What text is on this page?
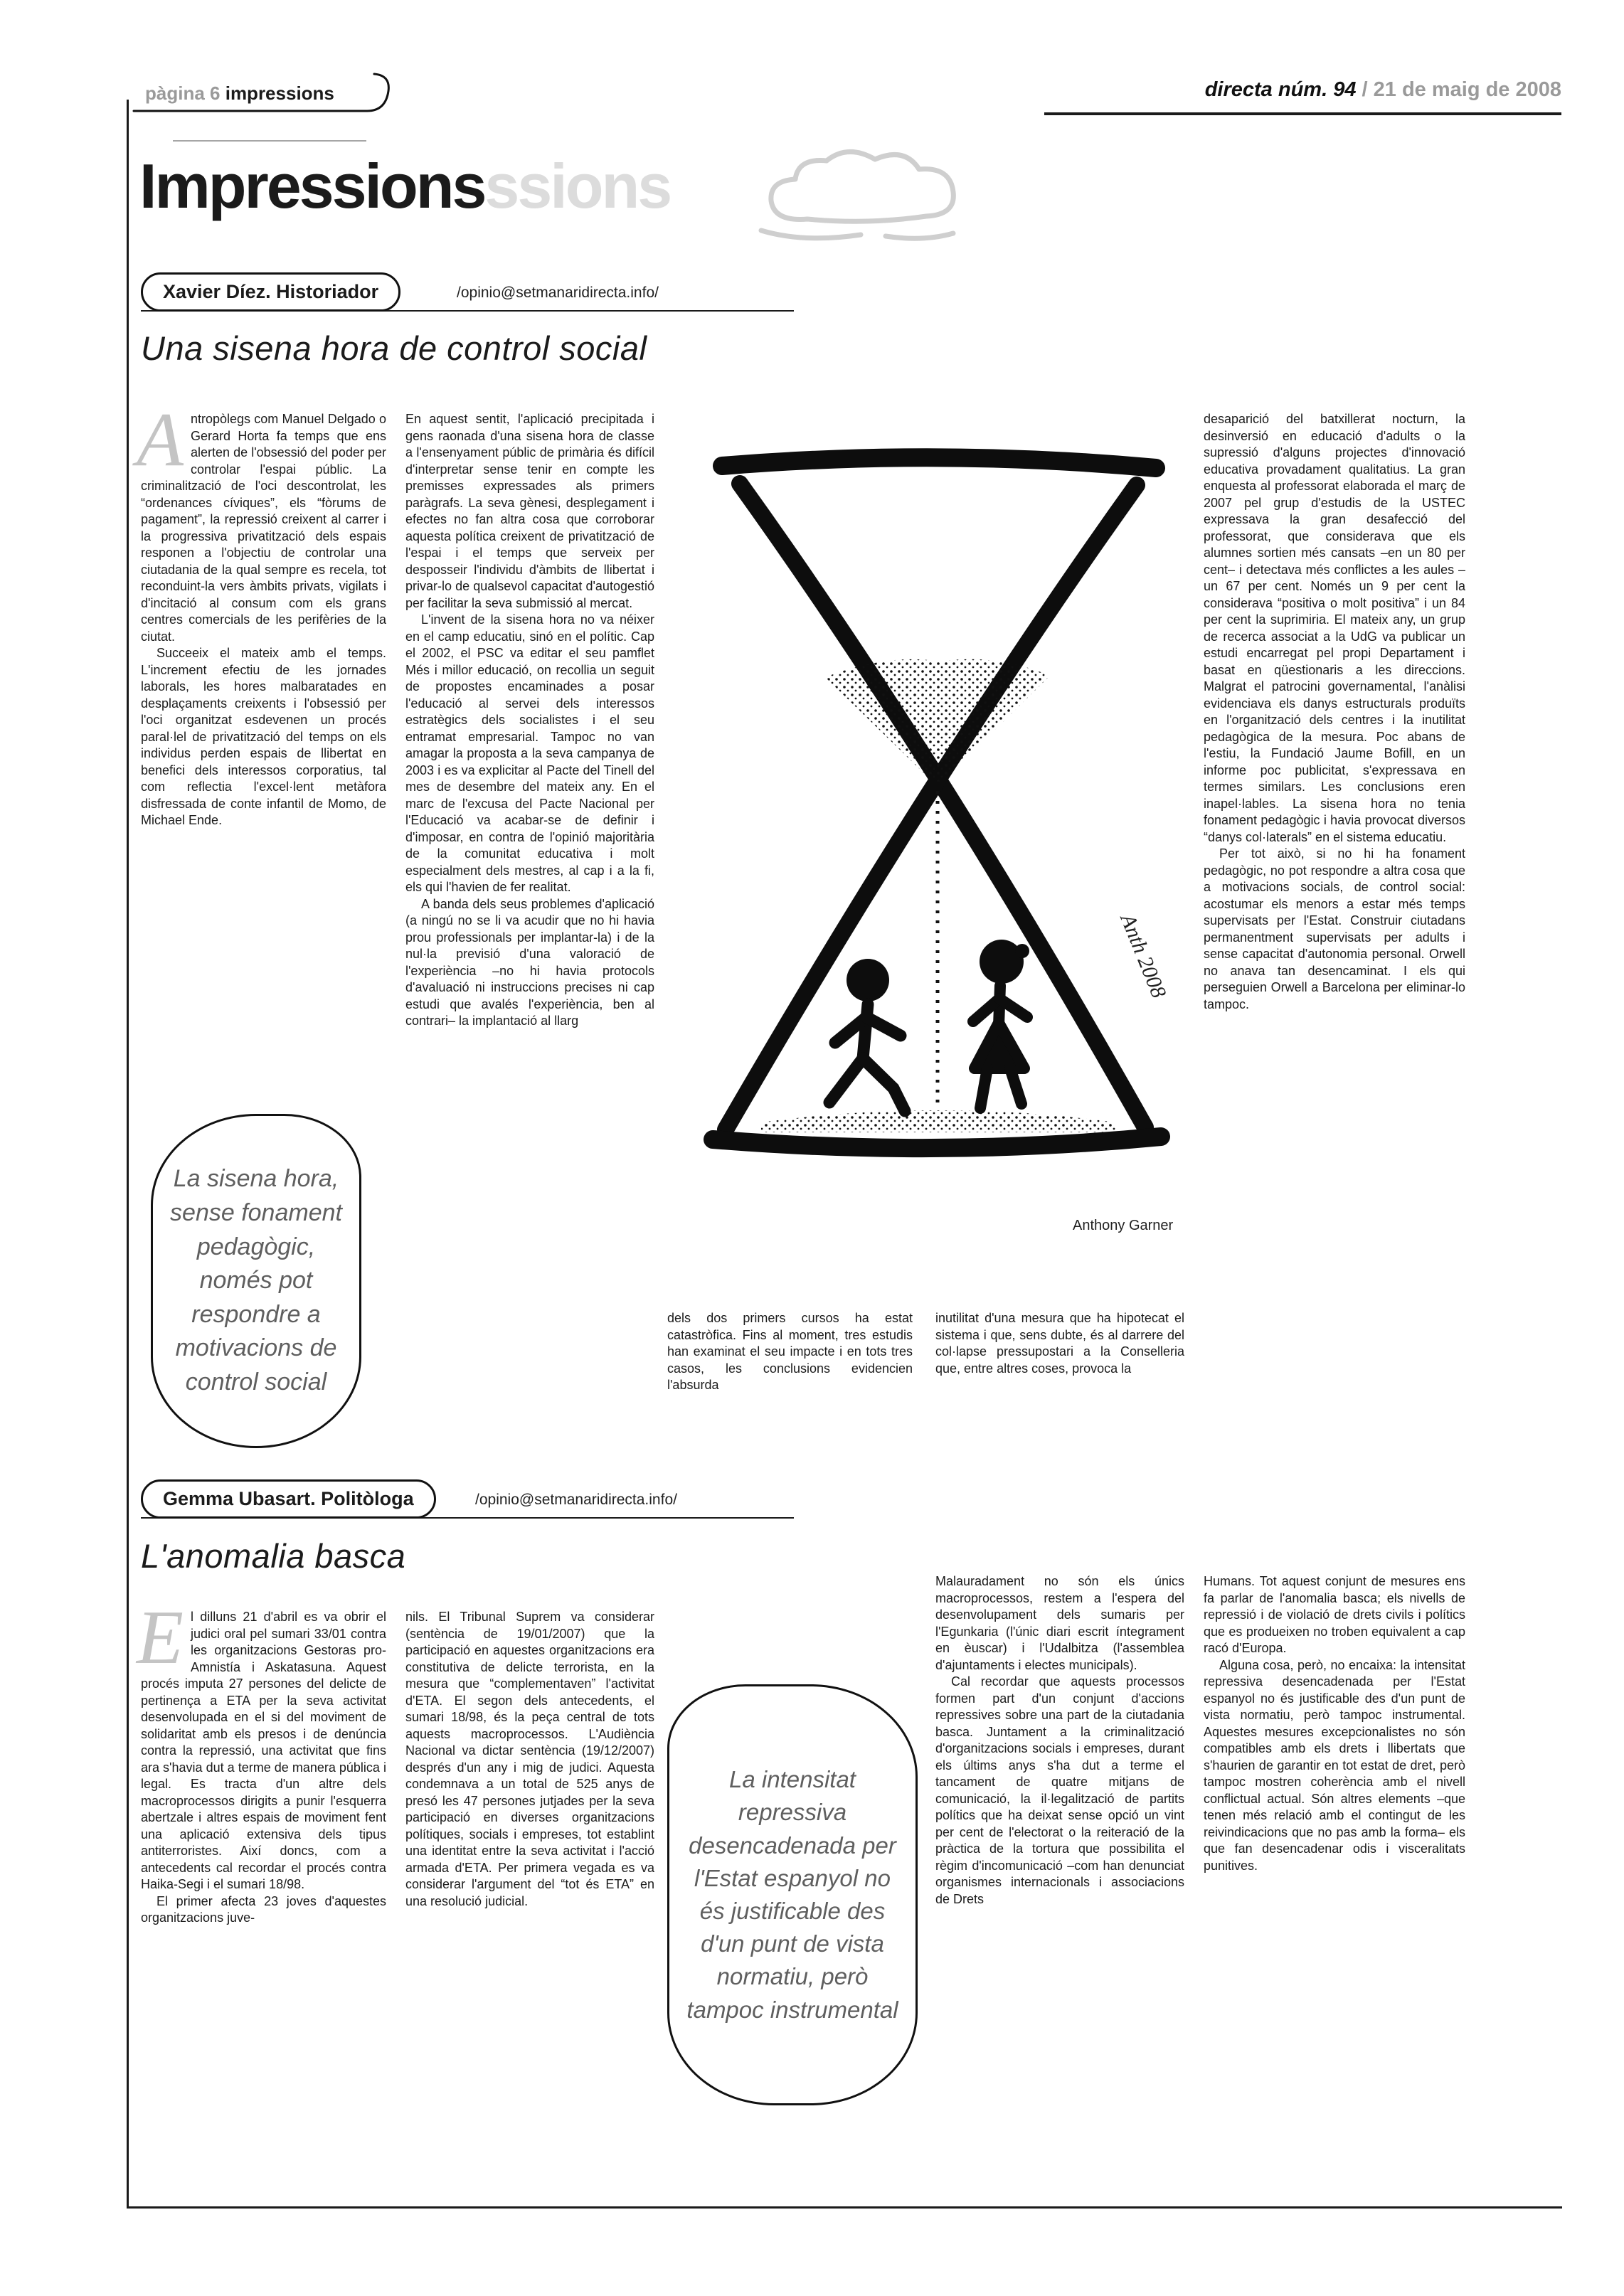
pàgina 6 impressions	directa núm. 94 / 21 de maig de 2008
Impressionsssions
Xavier Díez. Historiador	/opinio@setmanaridirecta.info/
Una sisena hora de control social

Antropòlegs com Manuel Delgado o Gerard Horta fa temps que ens alerten de l'obsessió del poder per controlar l'espai públic. La criminalització de l'oci descontrolat, les “ordenances cíviques”, els “fòrums de pagament”, la repressió creixent al carrer i la progressiva privatització dels espais responen a l'objectiu de controlar una ciutadania de la qual sempre es recela, tot reconduint-la vers àmbits privats, vigilats i d'incitació al consum com els grans centres comercials de les perifèries de la ciutat.

Succeeix el mateix amb el temps. L'increment efectiu de les jornades laborals, les hores malbaratades en desplaçaments creixents i l'obsessió per l'oci organitzat esdevenen un procés paral·lel de privatització del temps on els individus perden espais de llibertat en benefici dels interessos corporatius, tal com reflectia l'excel·lent metàfora disfressada de conte infantil de Momo, de Michael Ende.

En aquest sentit, l'aplicació precipitada i gens raonada d'una sisena hora de classe a l'ensenyament públic de primària és difícil d'interpretar sense tenir en compte les premisses expressades als primers paràgrafs. La seva gènesi, desplegament i efectes no fan altra cosa que corroborar aquesta política creixent de privatització de l'espai i el temps que serveix per desposseir l'individu d'àmbits de llibertat i privar-lo de qualsevol capacitat d'autogestió per facilitar la seva submissió al mercat.

L'invent de la sisena hora no va néixer en el camp educatiu, sinó en el polític. Cap el 2002, el PSC va editar el seu pamflet Més i millor educació, on recollia un seguit de propostes encaminades a posar l'educació al servei dels interessos estratègics dels socialistes i el seu entramat empresarial. Tampoc no van amagar la proposta a la seva campanya de 2003 i es va explicitar al Pacte del Tinell del mes de desembre del mateix any. En el marc de l'excusa del Pacte Nacional per l'Educació va acabar-se de definir i d'imposar, en contra de l'opinió majoritària de la comunitat educativa i molt especialment dels mestres, al cap i a la fi, els qui l'havien de fer realitat.

A banda dels seus problemes d'aplicació (a ningú no se li va acudir que no hi havia prou professionals per implantar-la) i de la nul·la previsió d'una valoració de l'experiència –no hi havia protocols d'avaluació ni instruccions precises ni cap estudi que avalés l'experiència, ben al contrari– la implantació al llarg

desaparició del batxillerat nocturn, la desinversió en educació d'adults o la supressió d'alguns projectes d'innovació educativa provadament qualitatius. La gran enquesta al professorat elaborada el març de 2007 pel grup d'estudis de la USTEC expressava la gran desafecció del professorat, que considerava que els alumnes sortien més cansats –en un 80 per cent– i detectava més conflictes a les aules –un 67 per cent. Només un 9 per cent la considerava “positiva o molt positiva” i un 84 per cent la suprimiria. El mateix any, un grup de recerca associat a la UdG va publicar un estudi encarregat pel propi Departament i basat en qüestionaris a les direccions. Malgrat el patrocini governamental, l'anàlisi evidenciava els danys estructurals produïts en l'organització dels centres i la inutilitat pedagògica de la mesura. Poc abans de l'estiu, la Fundació Jaume Bofill, en un informe poc publicitat, s'expressava en termes similars. Les conclusions eren inapel·lables. La sisena hora no tenia fonament pedagògic i havia provocat diversos “danys col·laterals” en el sistema educatiu.

Per tot això, si no hi ha fonament pedagògic, no pot respondre a altra cosa que a motivacions socials, de control social: acostumar els menors a estar més temps supervisats per l'Estat. Construir ciutadans permanentment supervisats per adults i sense capacitat d'autonomia personal. Orwell no anava tan desencaminat. I els qui perseguien Orwell a Barcelona per eliminar-lo tampoc.

Anth 2008
Anthony Garner
La sisena hora, sense fonament pedagògic, només pot respondre a motivacions de control social

dels dos primers cursos ha estat catastròfica. Fins al moment, tres estudis han examinat el seu impacte i en tots tres casos, les conclusions evidencien l'absurda

inutilitat d'una mesura que ha hipotecat el sistema i que, sens dubte, és al darrere del col·lapse pressupostari a la Conselleria que, entre altres coses, provoca la

Gemma Ubasart. Politòloga	/opinio@setmanaridirecta.info/
L'anomalia basca

El dilluns 21 d'abril es va obrir el judici oral pel sumari 33/01 contra les organitzacions Gestoras pro-Amnistía i Askatasuna. Aquest procés imputa 27 persones del delicte de pertinença a ETA per la seva activitat desenvolupada en el si del moviment de solidaritat amb els presos i de denúncia contra la repressió, una activitat que fins ara s'havia dut a terme de manera pública i legal. Es tracta d'un altre dels macroprocessos dirigits a punir l'esquerra abertzale i altres espais de moviment fent una aplicació extensiva dels tipus antiterroristes. Així doncs, com a antecedents cal recordar el procés contra Haika-Segi i el sumari 18/98.

El primer afecta 23 joves d'aquestes organitzacions juve-

nils. El Tribunal Suprem va considerar (sentència de 19/01/2007) que la participació en aquestes organitzacions era constitutiva de delicte terrorista, en la mesura que “complementaven” l'activitat d'ETA. El segon dels antecedents, el sumari 18/98, és la peça central de tots aquests macroprocessos. L'Audiència Nacional va dictar sentència (19/12/2007) després d'un any i mig de judici. Aquesta condemnava a un total de 525 anys de presó les 47 persones jutjades per la seva participació en diverses organitzacions polítiques, socials i empreses, tot establint una identitat entre la seva activitat i l'acció armada d'ETA. Per primera vegada es va considerar l'argument del “tot és ETA” en una resolució judicial.

La intensitat repressiva desencadenada per l'Estat espanyol no és justificable des d'un punt de vista normatiu, però tampoc instrumental

Malauradament no són els únics macroprocessos, restem a l'espera del desenvolupament dels sumaris per l'Egunkaria (l'únic diari escrit íntegrament en èuscar) i l'Udalbitza (l'assemblea d'ajuntaments i electes municipals).

Cal recordar que aquests processos formen part d'un conjunt d'accions repressives sobre una part de la ciutadania basca. Juntament a la criminalització d'organitzacions socials i empreses, durant els últims anys s'ha dut a terme el tancament de quatre mitjans de comunicació, la il·legalització de partits polítics que ha deixat sense opció un vint per cent de l'electorat o la reiteració de la pràctica de la tortura que possibilita el règim d'incomunicació –com han denunciat organismes internacionals i associacions de Drets

Humans. Tot aquest conjunt de mesures ens fa parlar de l'anomalia basca; els nivells de repressió i de violació de drets civils i polítics que es produeixen no troben equivalent a cap racó d'Europa.

Alguna cosa, però, no encaixa: la intensitat repressiva desencadenada per l'Estat espanyol no és justificable des d'un punt de vista normatiu, però tampoc instrumental. Aquestes mesures excepcionalistes no són compatibles amb els drets i llibertats que s'haurien de garantir en tot estat de dret, però tampoc mostren coherència amb el nivell conflictual actual. Són altres elements –que tenen més relació amb el contingut de les reivindicacions que no pas amb la forma– els que fan desencadenar odis i visceralitats punitives.
